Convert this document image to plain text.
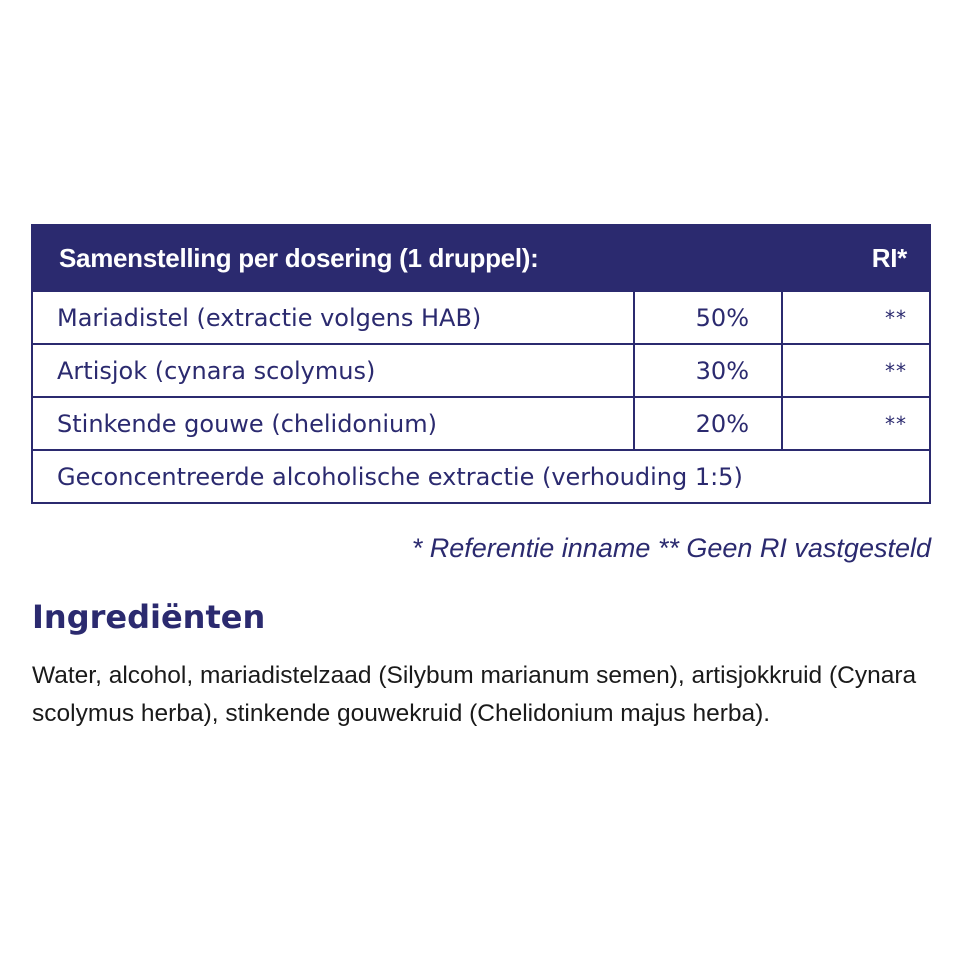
Samenstelling per dosering (1 druppel):	RI*
Mariadistel (extractie volgens HAB)	50%	**
Artisjok (cynara scolymus)	30%	**
Stinkende gouwe (chelidonium)	20%	**
Geconcentreerde alcoholische extractie (verhouding 1:5)
* Referentie inname ** Geen RI vastgesteld
Ingrediënten

Water, alcohol, mariadistelzaad (Silybum marianum semen), artisjokkruid (Cynara scolymus herba), stinkende gouwekruid (Chelidonium majus herba).
